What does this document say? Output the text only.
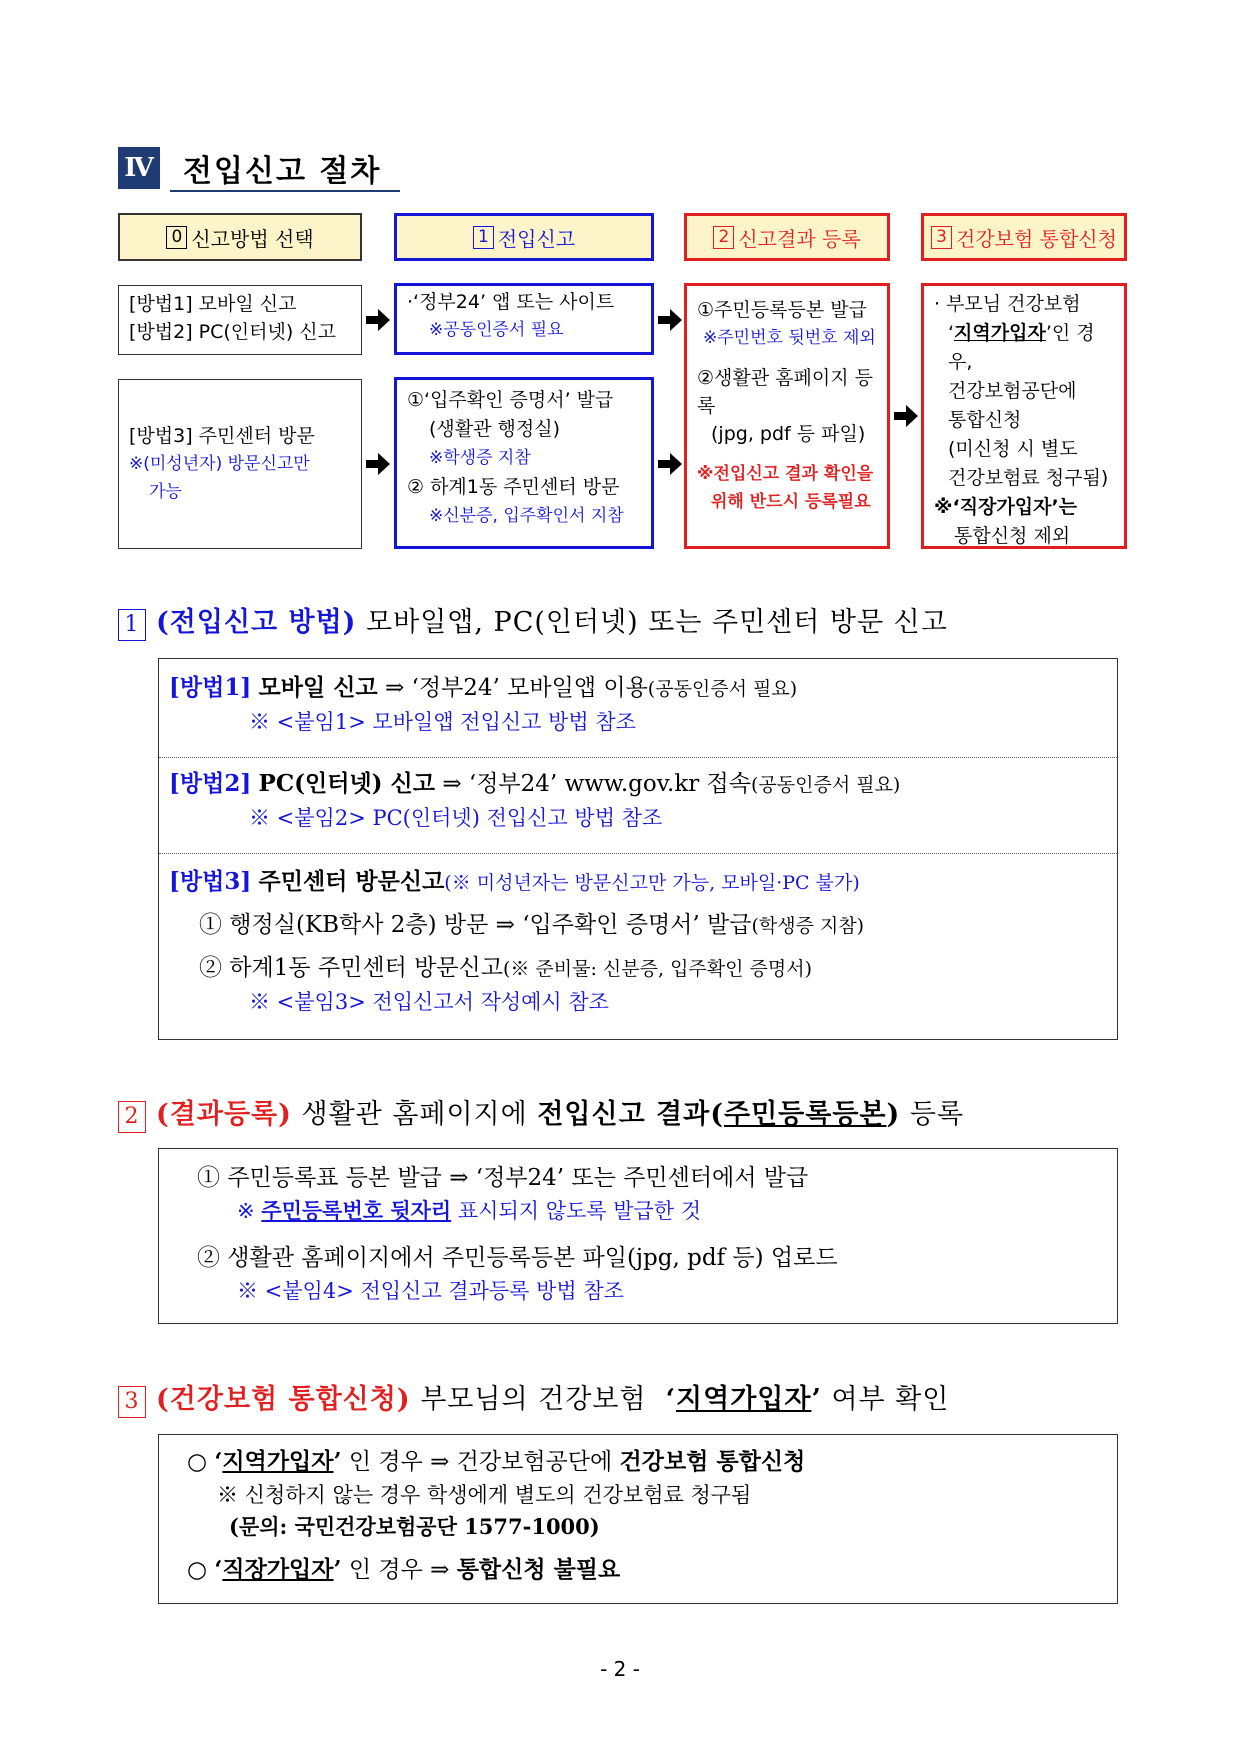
Ⅳ 전입신고 절차
0 신고방법 선택	1 전입신고	2 신고결과 등록	3 건강보험 통합신청
[방법1] 모바일 신고
[방법2] PC(인터넷) 신고
[방법3] 주민센터 방문
※(미성년자) 방문신고만
가능
·‘정부24’ 앱 또는 사이트
※공동인증서 필요
①‘입주확인 증명서’ 발급
(생활관 행정실)
※학생증 지참
② 하계1동 주민센터 방문
※신분증, 입주확인서 지참
①주민등록등본 발급
※주민번호 뒷번호 제외
②생활관 홈페이지 등록
(jpg, pdf 등 파일)
※전입신고 결과 확인을
위해 반드시 등록필요
· 부모님 건강보험
‘지역가입자’인 경우,
건강보험공단에
통합신청
(미신청 시 별도
건강보험료 청구됨)
※‘직장가입자’는
통합신청 제외
1 (전입신고 방법) 모바일앱, PC(인터넷) 또는 주민센터 방문 신고
[방법1] 모바일 신고 ⇒ ‘정부24’ 모바일앱 이용(공동인증서 필요)
※ <붙임1> 모바일앱 전입신고 방법 참조
[방법2] PC(인터넷) 신고 ⇒ ‘정부24’ www.gov.kr 접속(공동인증서 필요)
※ <붙임2> PC(인터넷) 전입신고 방법 참조
[방법3] 주민센터 방문신고(※ 미성년자는 방문신고만 가능, 모바일·PC 불가)
① 행정실(KB학사 2층) 방문 ⇒ ‘입주확인 증명서’ 발급(학생증 지참)
② 하계1동 주민센터 방문신고(※ 준비물: 신분증, 입주확인 증명서)
※ <붙임3> 전입신고서 작성예시 참조
2 (결과등록) 생활관 홈페이지에 전입신고 결과(주민등록등본) 등록
① 주민등록표 등본 발급 ⇒ ‘정부24’ 또는 주민센터에서 발급
※ 주민등록번호 뒷자리 표시되지 않도록 발급한 것
② 생활관 홈페이지에서 주민등록등본 파일(jpg, pdf 등) 업로드
※ <붙임4> 전입신고 결과등록 방법 참조
3 (건강보험 통합신청) 부모님의 건강보험 ‘지역가입자’ 여부 확인
○ ‘지역가입자’ 인 경우 ⇒ 건강보험공단에 건강보험 통합신청
※ 신청하지 않는 경우 학생에게 별도의 건강보험료 청구됨
(문의: 국민건강보험공단 1577-1000)
○ ‘직장가입자’ 인 경우 ⇒ 통합신청 불필요
- 2 -
